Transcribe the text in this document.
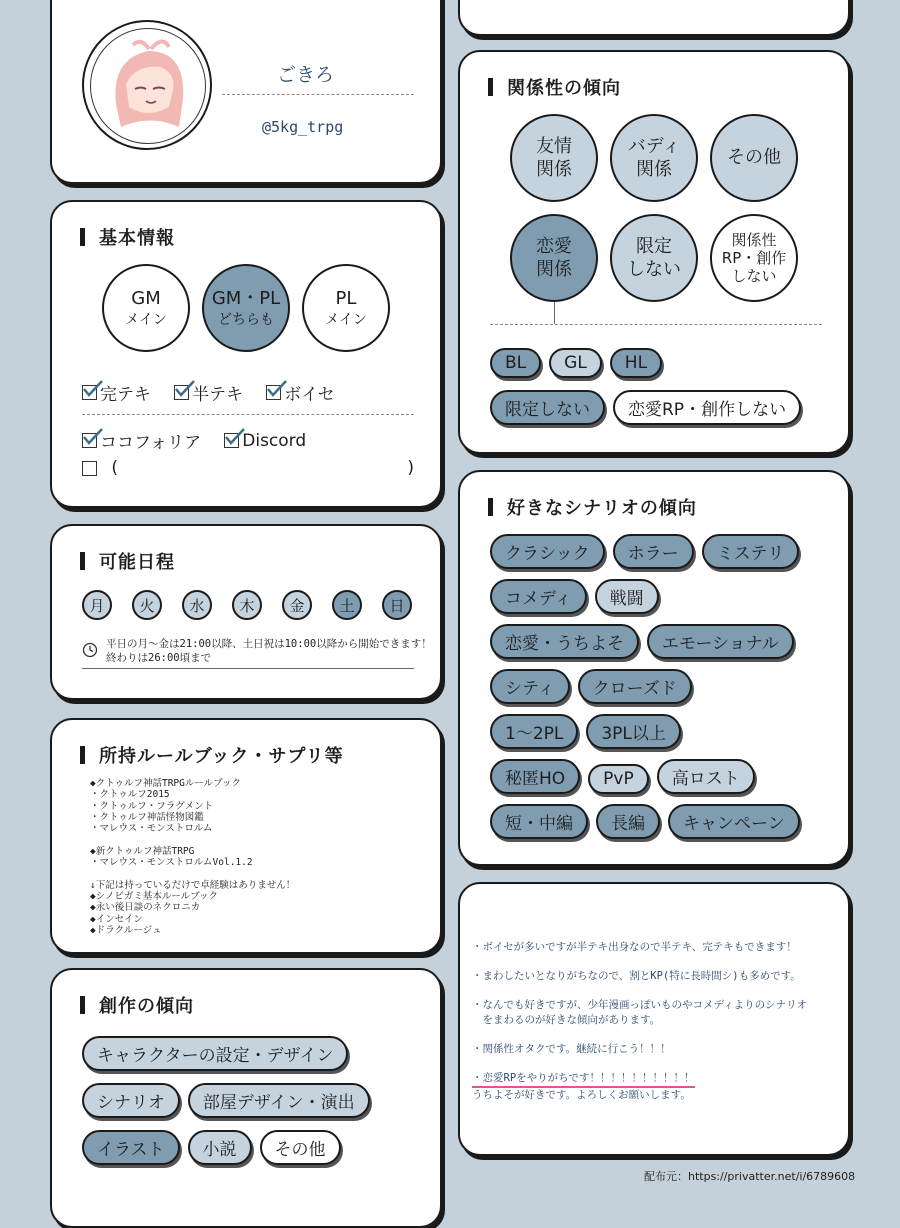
ごきろ
@5kg_trpg
基本情報
GM
メイン
GM・PL
どちらも
PL
メイン
完テキ
半テキ
ボイセ
ココフォリア
Discord
(	)
可能日程
月	火	水	木	金	土	日
平日の月〜金は21:00以降、土日祝は10:00以降から開始できます！
終わりは26:00頃まで
所持ルールブック・サプリ等
◆クトゥルフ神話TRPGルールブック
・クトゥルフ2015
・クトゥルフ・フラグメント
・クトゥルフ神話怪物図鑑
・マレウス・モンストロルム
◆新クトゥルフ神話TRPG
・マレウス・モンストロルムVol.1.2
↓下記は持っているだけで卓経験はありません！
◆シノビガミ基本ルールブック
◆永い後日談のネクロニカ
◆インセイン
◆ドラクルージュ
創作の傾向
キャラクターの設定・デザイン
シナリオ 部屋デザイン・演出
イラスト 小説 その他
関係性の傾向
友情
関係
バディ
関係
その他
恋愛
関係
限定
しない
関係性
RP・創作
しない
BL GL HL
限定しない 恋愛RP・創作しない
好きなシナリオの傾向
クラシック ホラー ミステリ
コメディ 戦闘
恋愛・うちよそ エモーショナル
シティ クローズド
1〜2PL 3PL以上
秘匿HO PvP 高ロスト
短・中編 長編 キャンペーン
・ボイセが多いですが半テキ出身なので半テキ、完テキもできます！
・まわしたいとなりがちなので、割とKP(特に長時間シ)も多めです。
・なんでも好きですが、少年漫画っぽいものやコメディよりのシナリオ
　をまわるのが好きな傾向があります。
・関係性オタクです。継続に行こう！！！
・恋愛RPをやりがちです！！！！！！！！！！
うちよそが好きです。よろしくお願いします。
配布元：https://privatter.net/i/6789608
